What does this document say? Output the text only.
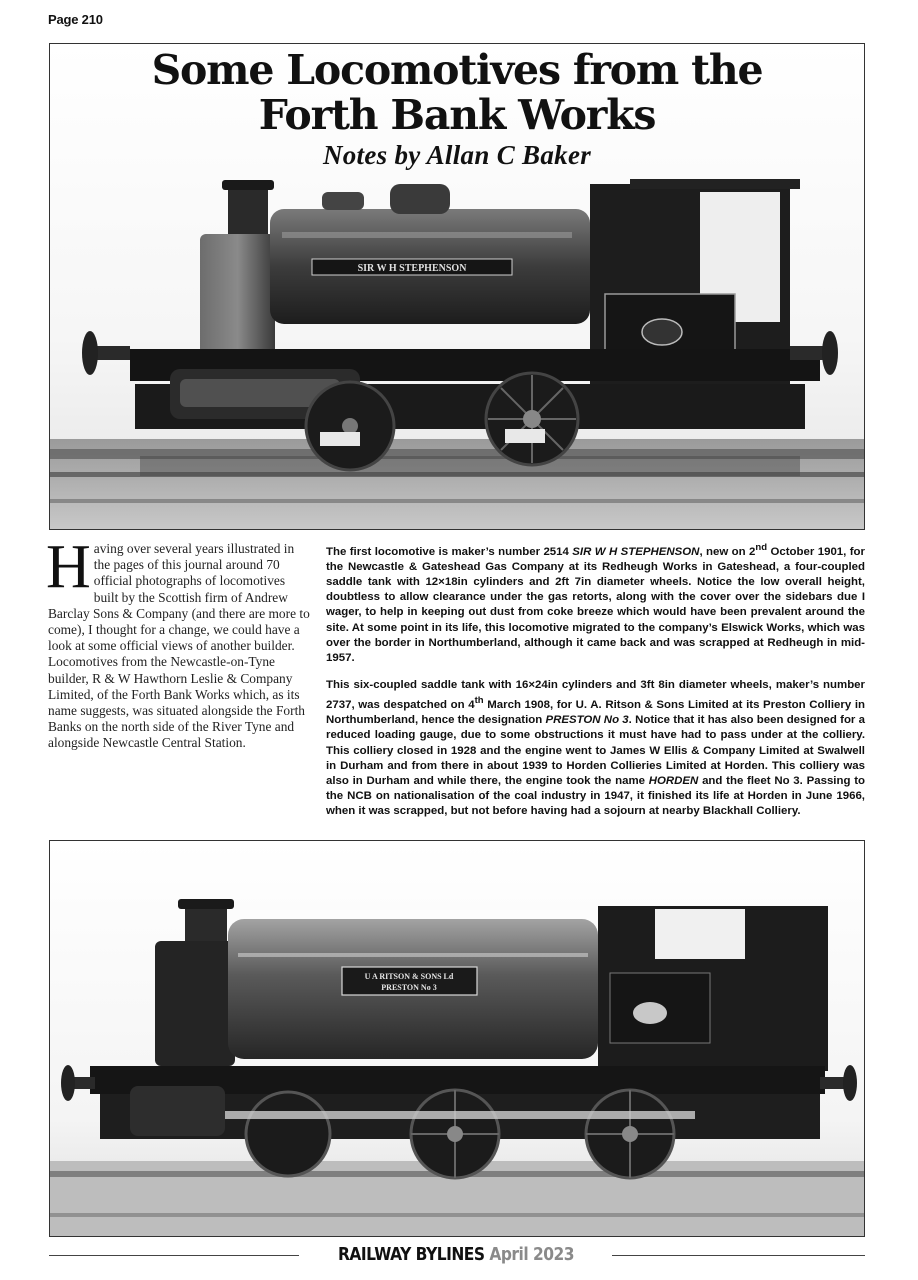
Page 210
SIR W H STEPHENSON
Some Locomotives from the
Forth Bank Works
Notes by Allan C Baker
Having over several years illustrated in the pages of this journal around 70 official photographs of locomotives built by the Scottish firm of Andrew Barclay Sons & Company (and there are more to come), I thought for a change, we could have a look at some official views of another builder. Locomotives from the Newcastle-on-Tyne builder, R & W Hawthorn Leslie & Company Limited, of the Forth Bank Works which, as its name suggests, was situated alongside the Forth Banks on the north side of the River Tyne and alongside Newcastle Central Station.

The first locomotive is maker’s number 2514 SIR W H STEPHENSON, new on 2nd October 1901, for the Newcastle & Gateshead Gas Company at its Redheugh Works in Gateshead, a four-coupled saddle tank with 12×18in cylinders and 2ft 7in diameter wheels. Notice the low overall height, doubtless to allow clearance under the gas retorts, along with the cover over the sidebars due I wager, to help in keeping out dust from coke breeze which would have been prevalent around the site. At some point in its life, this locomotive migrated to the company’s Elswick Works, which was over the border in Northumberland, although it came back and was scrapped at Redheugh in mid-1957.

This six-coupled saddle tank with 16×24in cylinders and 3ft 8in diameter wheels, maker’s number 2737, was despatched on 4th March 1908, for U. A. Ritson & Sons Limited at its Preston Colliery in Northumberland, hence the designation PRESTON No 3. Notice that it has also been designed for a reduced loading gauge, due to some obstructions it must have had to pass under at the colliery. This colliery closed in 1928 and the engine went to James W Ellis & Company Limited at Swalwell in Durham and from there in about 1939 to Horden Collieries Limited at Horden. This colliery was also in Durham and while there, the engine took the name HORDEN and the fleet No 3. Passing to the NCB on nationalisation of the coal industry in 1947, it finished its life at Horden in June 1966, when it was scrapped, but not before having had a sojourn at nearby Blackhall Colliery.

U A RITSON & SONS Ld
PRESTON No 3
RAILWAY BYLINES April 2023
